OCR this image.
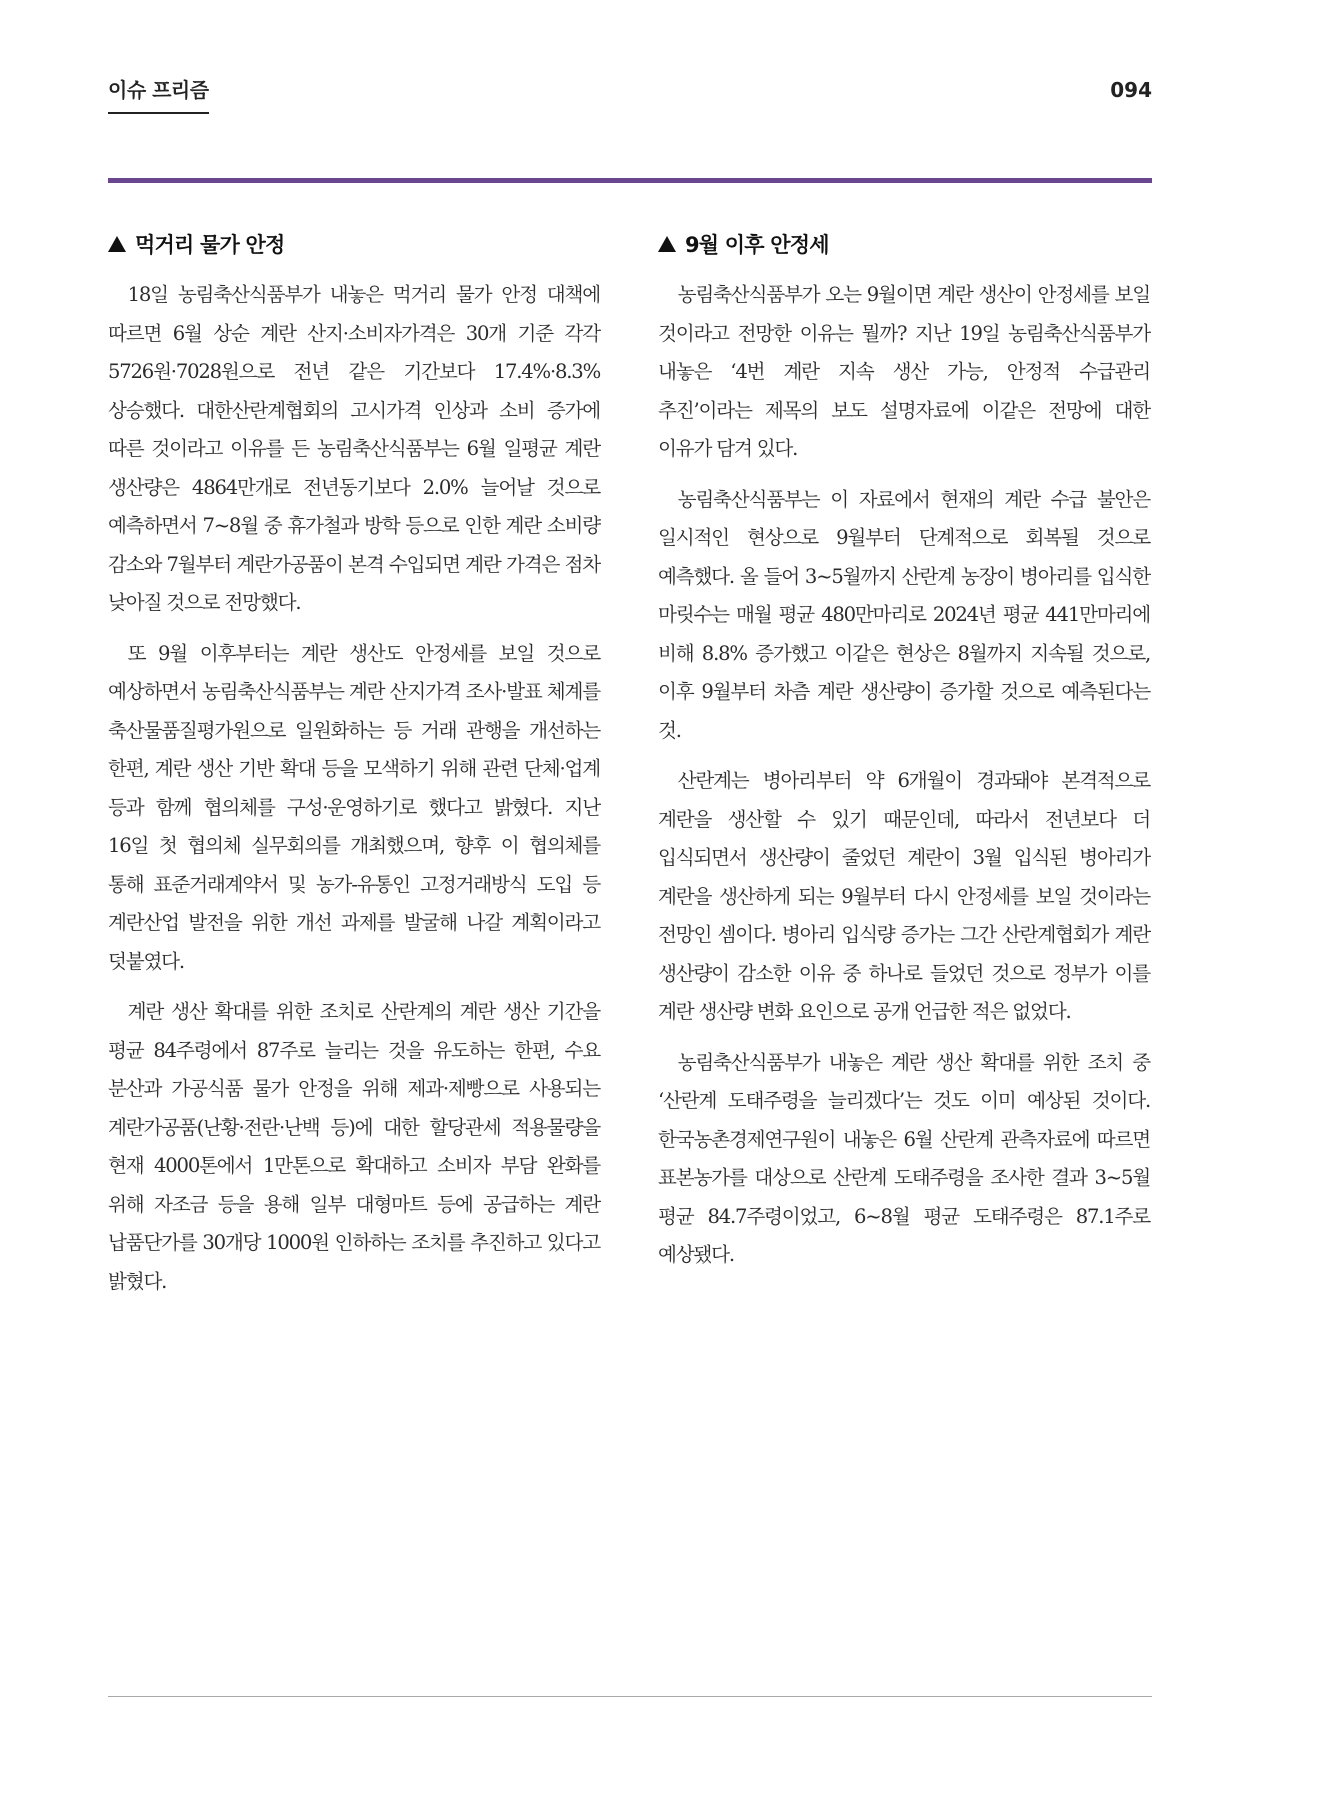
이슈 프리즘	094
먹거리 물가 안정

18일 농림축산식품부가 내놓은 먹거리 물가 안정 대책에 따르면 6월 상순 계란 산지·소비자가격은 30개 기준 각각 5726원·7028원으로 전년 같은 기간보다 17.4%·8.3% 상승했다. 대한산란계협회의 고시가격 인상과 소비 증가에 따른 것이라고 이유를 든 농림축산식품부는 6월 일평균 계란 생산량은 4864만개로 전년동기보다 2.0% 늘어날 것으로 예측하면서 7~8월 중 휴가철과 방학 등으로 인한 계란 소비량 감소와 7월부터 계란가공품이 본격 수입되면 계란 가격은 점차 낮아질 것으로 전망했다.

또 9월 이후부터는 계란 생산도 안정세를 보일 것으로 예상하면서 농림축산식품부는 계란 산지가격 조사·발표 체계를 축산물품질평가원으로 일원화하는 등 거래 관행을 개선하는 한편, 계란 생산 기반 확대 등을 모색하기 위해 관련 단체·업계 등과 함께 협의체를 구성·운영하기로 했다고 밝혔다. 지난 16일 첫 협의체 실무회의를 개최했으며, 향후 이 협의체를 통해 표준거래계약서 및 농가-유통인 고정거래방식 도입 등 계란산업 발전을 위한 개선 과제를 발굴해 나갈 계획이라고 덧붙였다.

계란 생산 확대를 위한 조치로 산란계의 계란 생산 기간을 평균 84주령에서 87주로 늘리는 것을 유도하는 한편, 수요 분산과 가공식품 물가 안정을 위해 제과·제빵으로 사용되는 계란가공품(난황·전란·난백 등)에 대한 할당관세 적용물량을 현재 4000톤에서 1만톤으로 확대하고 소비자 부담 완화를 위해 자조금 등을 용해 일부 대형마트 등에 공급하는 계란 납품단가를 30개당 1000원 인하하는 조치를 추진하고 있다고 밝혔다.

9월 이후 안정세

농림축산식품부가 오는 9월이면 계란 생산이 안정세를 보일 것이라고 전망한 이유는 뭘까? 지난 19일 농림축산식품부가 내놓은 ‘4번 계란 지속 생산 가능, 안정적 수급관리 추진’이라는 제목의 보도 설명자료에 이같은 전망에 대한 이유가 담겨 있다.

농림축산식품부는 이 자료에서 현재의 계란 수급 불안은 일시적인 현상으로 9월부터 단계적으로 회복될 것으로 예측했다. 올 들어 3~5월까지 산란계 농장이 병아리를 입식한 마릿수는 매월 평균 480만마리로 2024년 평균 441만마리에 비해 8.8% 증가했고 이같은 현상은 8월까지 지속될 것으로, 이후 9월부터 차츰 계란 생산량이 증가할 것으로 예측된다는 것.

산란계는 병아리부터 약 6개월이 경과돼야 본격적으로 계란을 생산할 수 있기 때문인데, 따라서 전년보다 더 입식되면서 생산량이 줄었던 계란이 3월 입식된 병아리가 계란을 생산하게 되는 9월부터 다시 안정세를 보일 것이라는 전망인 셈이다. 병아리 입식량 증가는 그간 산란계협회가 계란 생산량이 감소한 이유 중 하나로 들었던 것으로 정부가 이를 계란 생산량 변화 요인으로 공개 언급한 적은 없었다.

농림축산식품부가 내놓은 계란 생산 확대를 위한 조치 중 ‘산란계 도태주령을 늘리겠다’는 것도 이미 예상된 것이다. 한국농촌경제연구원이 내놓은 6월 산란계 관측자료에 따르면 표본농가를 대상으로 산란계 도태주령을 조사한 결과 3~5월 평균 84.7주령이었고, 6~8월 평균 도태주령은 87.1주로 예상됐다.
